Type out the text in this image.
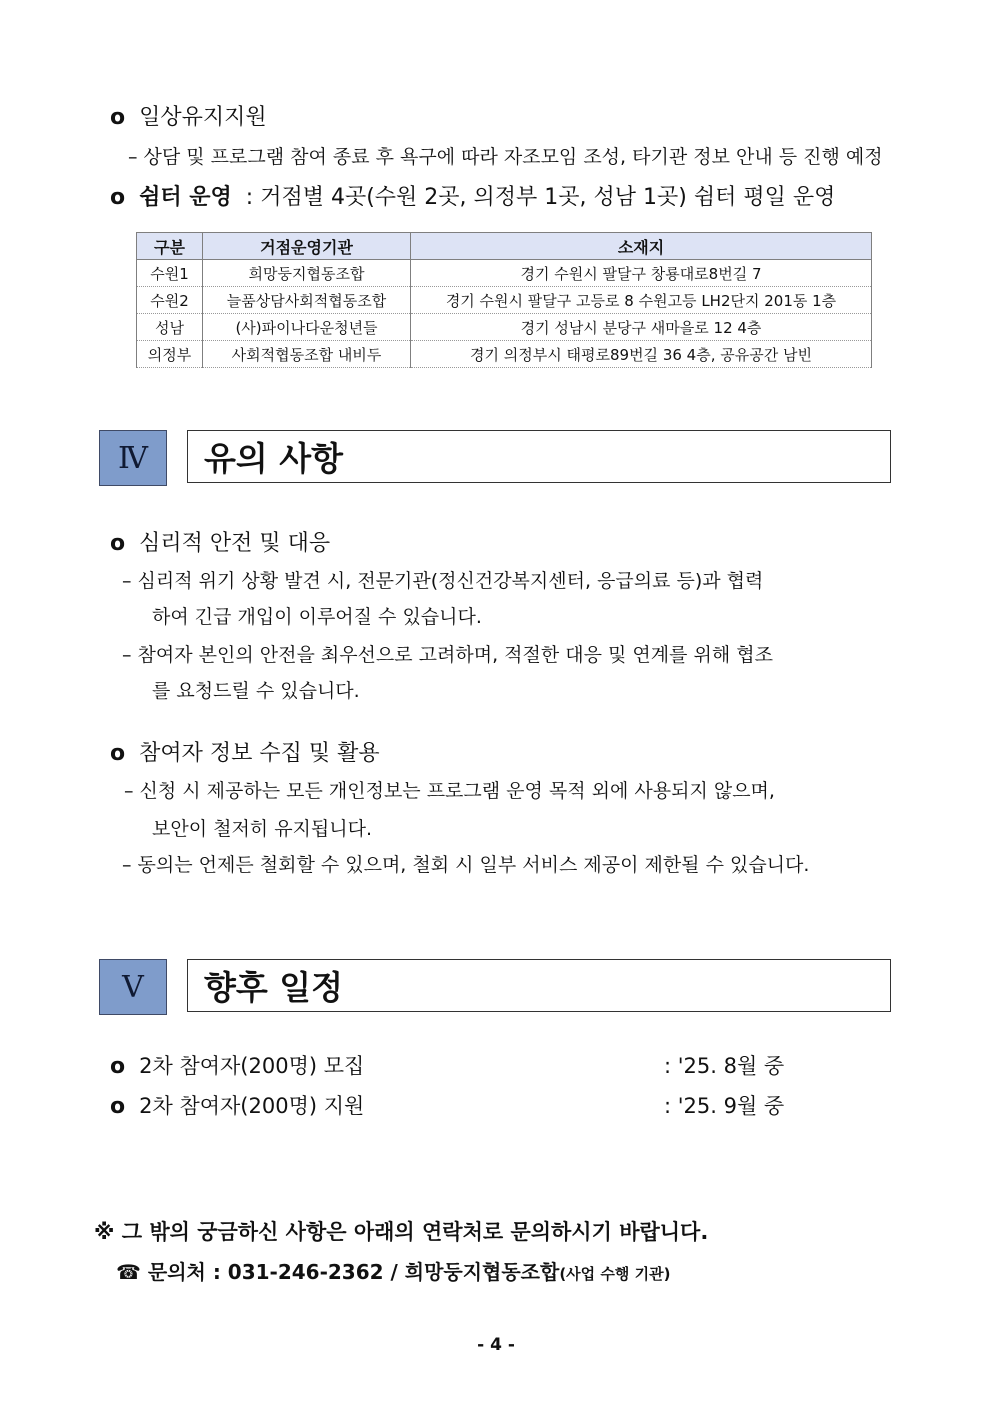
o 일상유지지원
– 상담 및 프로그램 참여 종료 후 욕구에 따라 자조모임 조성, 타기관 정보 안내 등 진행 예정
o 쉼터 운영 : 거점별 4곳(수원 2곳, 의정부 1곳, 성남 1곳) 쉼터 평일 운영
구분	거점운영기관	소재지
수원1	희망둥지협동조합	경기 수원시 팔달구 창룡대로8번길 7
수원2	늘품상담사회적협동조합	경기 수원시 팔달구 고등로 8 수원고등 LH2단지 201동 1층
성남	(사)파이나다운청년들	경기 성남시 분당구 새마을로 12 4층
의정부	사회적협동조합 내비두	경기 의정부시 태평로89번길 36 4층, 공유공간 남빈
Ⅳ	유의 사항
o 심리적 안전 및 대응
– 심리적 위기 상황 발견 시, 전문기관(정신건강복지센터, 응급의료 등)과 협력
하여 긴급 개입이 이루어질 수 있습니다.
– 참여자 본인의 안전을 최우선으로 고려하며, 적절한 대응 및 연계를 위해 협조
를 요청드릴 수 있습니다.
o 참여자 정보 수집 및 활용
– 신청 시 제공하는 모든 개인정보는 프로그램 운영 목적 외에 사용되지 않으며,
보안이 철저히 유지됩니다.
– 동의는 언제든 철회할 수 있으며, 철회 시 일부 서비스 제공이 제한될 수 있습니다.
Ⅴ	향후 일정
o 2차 참여자(200명) 모집	: '25. 8월 중
o 2차 참여자(200명) 지원	: '25. 9월 중
※ 그 밖의 궁금하신 사항은 아래의 연락처로 문의하시기 바랍니다.
☎ 문의처 : 031-246-2362 / 희망둥지협동조합(사업 수행 기관)
- 4 -
